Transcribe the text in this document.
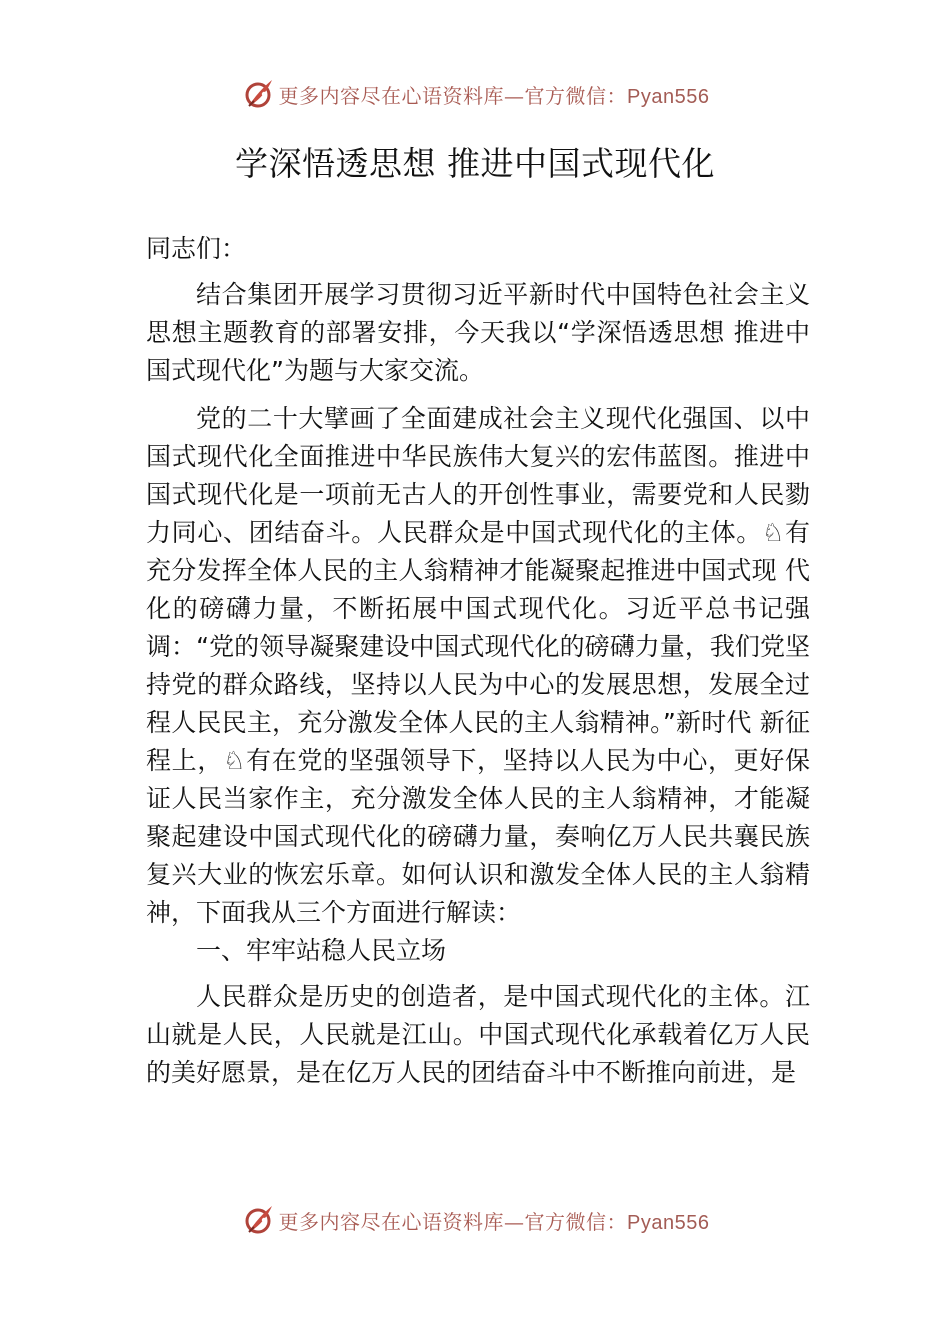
更多内容尽在心语资料库—官方微信：Pyan556
学深悟透思想 推进中国式现代化

同志们：

结合集团开展学习贯彻习近平新时代中国特色社会主义思想主题教育的部署安排，今天我以“学深悟透思想 推进中国式现代化”为题与大家交流。

党的二十大擘画了全面建成社会主义现代化强国、以中国式现代化全面推进中华民族伟大复兴的宏伟蓝图。推进中国式现代化是一项前无古人的开创性事业，需要党和人民勠力同心、团结奋斗。人民群众是中国式现代化的主体。♘有充分发挥全体人民的主人翁精神才能凝聚起推进中国式现 代化的磅礴力量，不断拓展中国式现代化。习近平总书记强调：“党的领导凝聚建设中国式现代化的磅礴力量，我们党坚持党的群众路线，坚持以人民为中心的发展思想，发展全过程人民民主，充分激发全体人民的主人翁精神。”新时代 新征程上，♘有在党的坚强领导下，坚持以人民为中心，更好保证人民当家作主，充分激发全体人民的主人翁精神，才能凝聚起建设中国式现代化的磅礴力量，奏响亿万人民共襄民族复兴大业的恢宏乐章。如何认识和激发全体人民的主人翁精神，下面我从三个方面进行解读：

一、牢牢站稳人民立场

人民群众是历史的创造者，是中国式现代化的主体。江山就是人民，人民就是江山。中国式现代化承载着亿万人民的美好愿景，是在亿万人民的团结奋斗中不断推向前进，是

更多内容尽在心语资料库—官方微信：Pyan556
